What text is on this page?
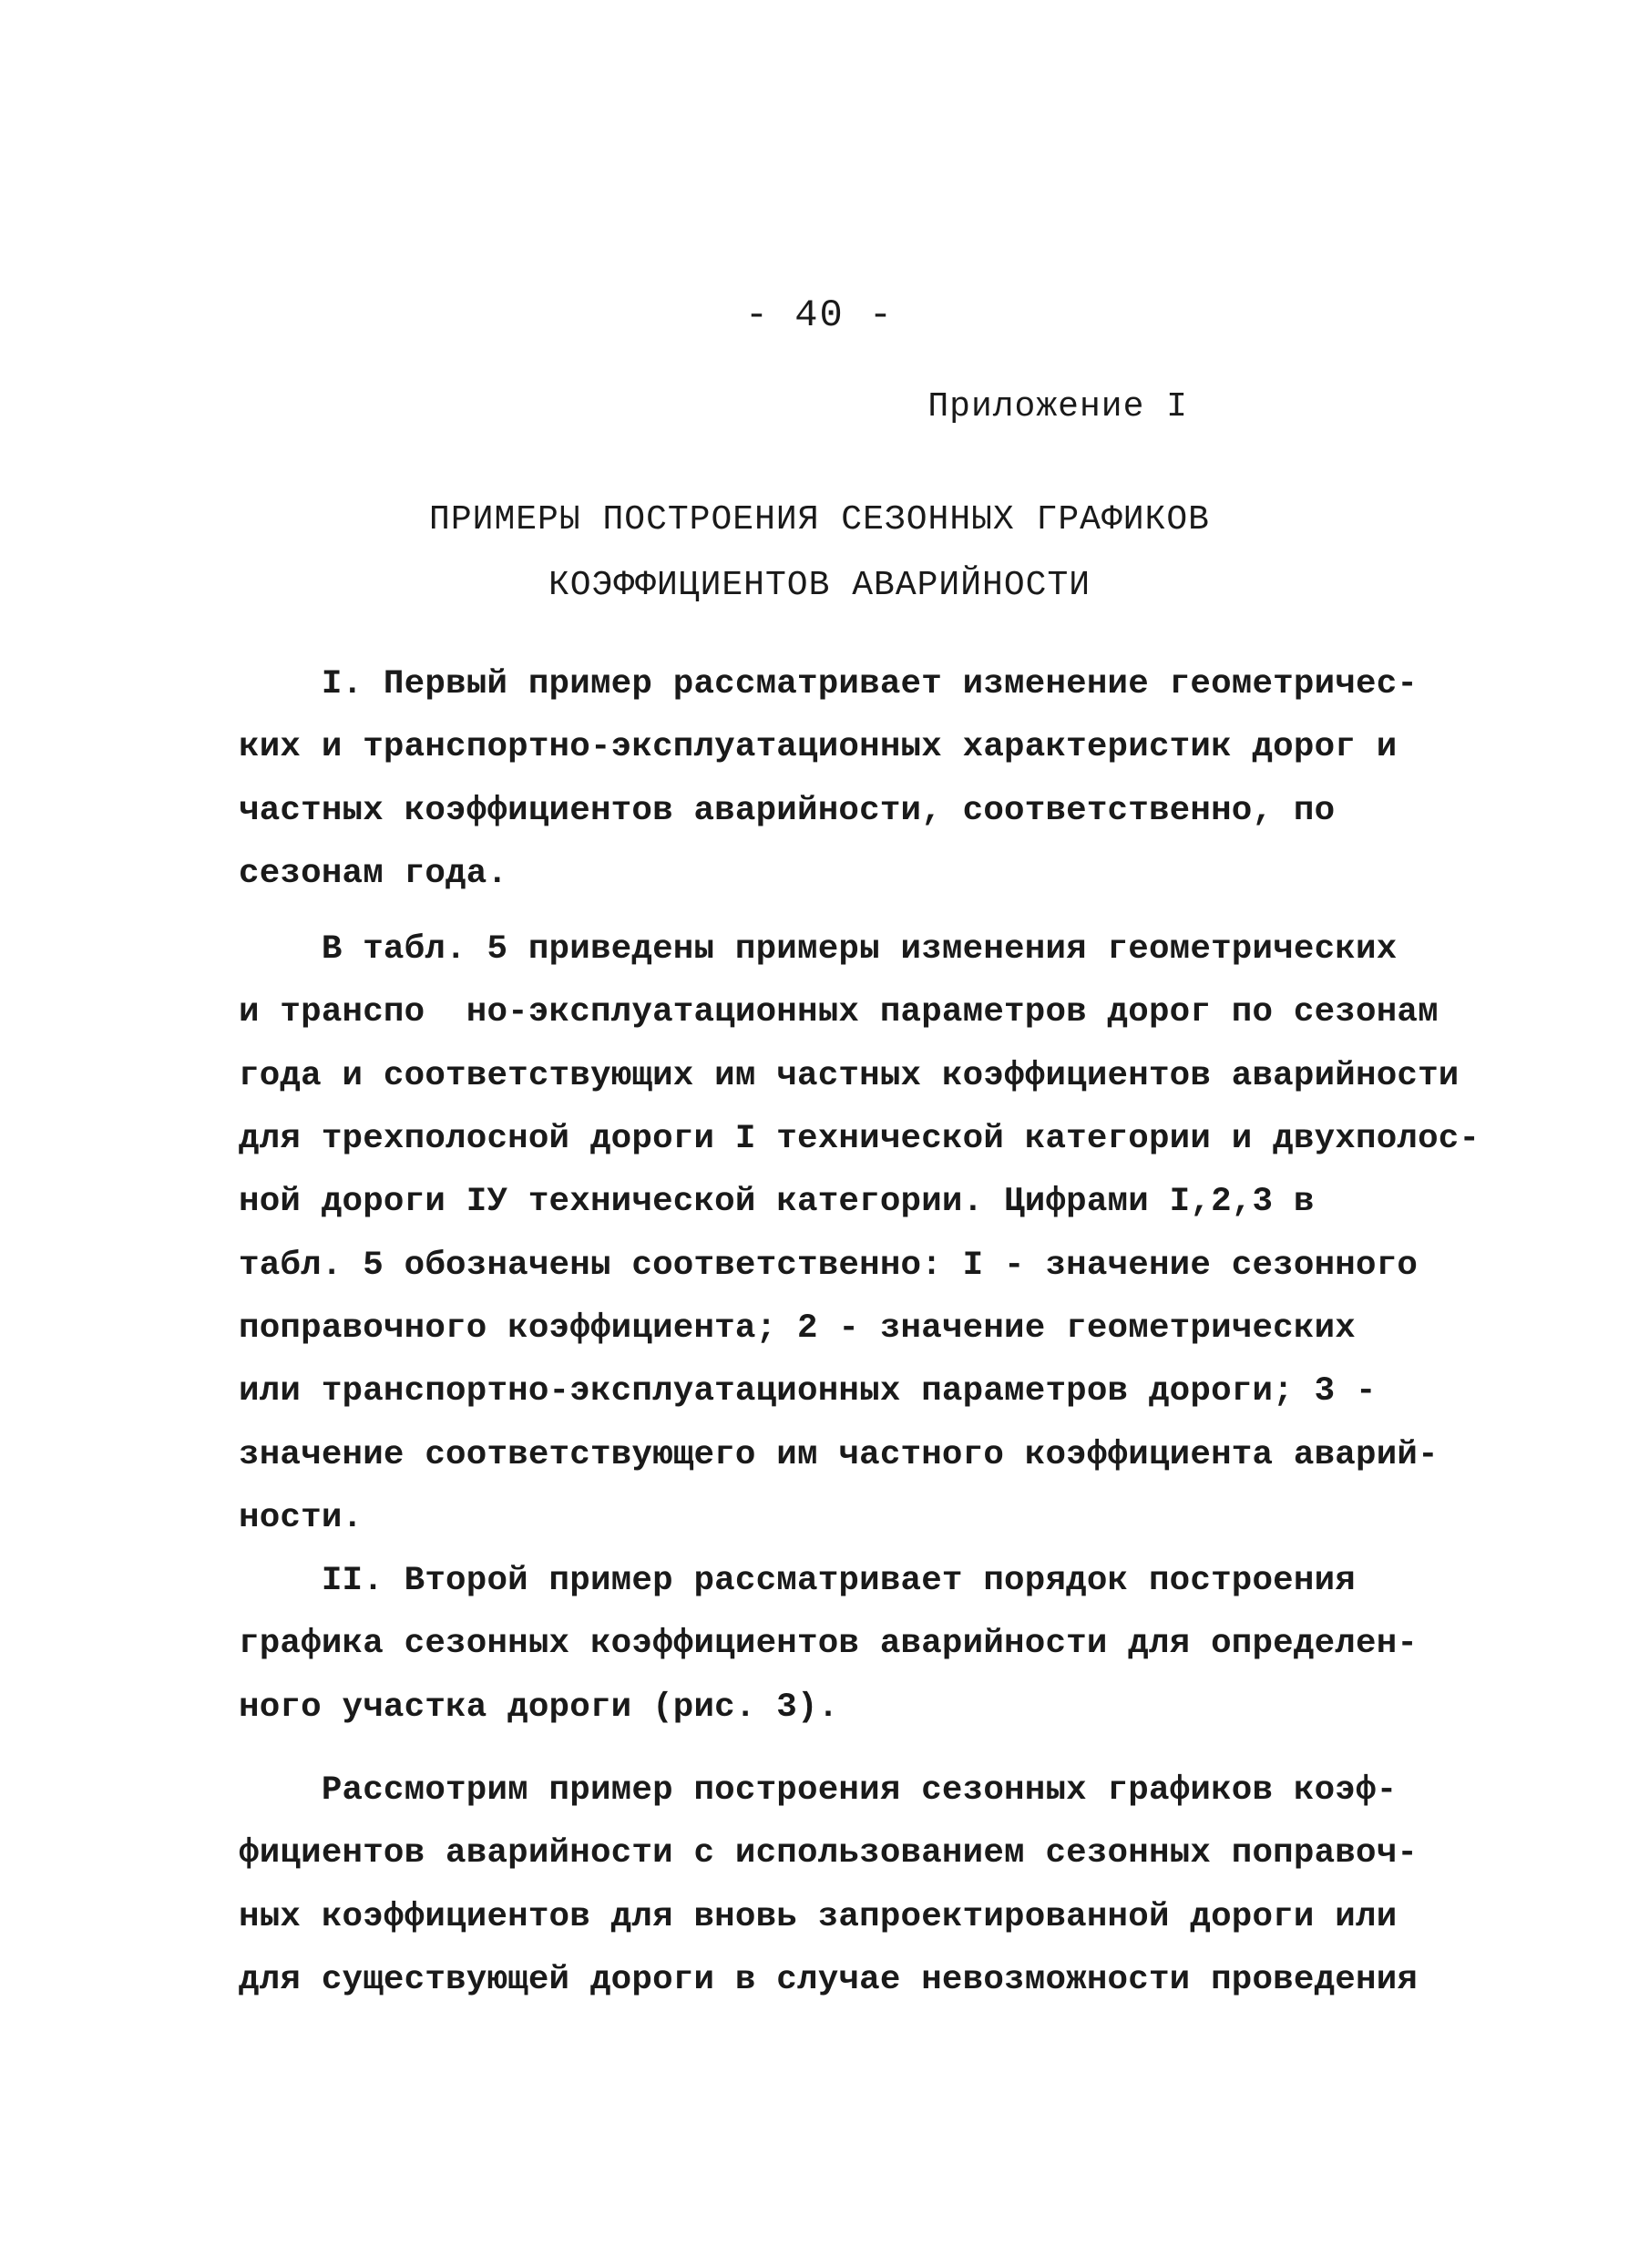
- 40 -
Приложение I
ПРИМЕРЫ ПОСТРОЕНИЯ СЕЗОННЫХ ГРАФИКОВ
КОЭФФИЦИЕНТОВ АВАРИЙНОСТИ
I. Первый пример рассматривает изменение геометричес-
ких и транспортно-эксплуатационных характеристик дорог и
частных коэффициентов аварийности, соответственно, по
сезонам года.
В табл. 5 приведены примеры изменения геометрических
и транспо  но-эксплуатационных параметров дорог по сезонам
года и соответствующих им частных коэффициентов аварийности
для трехполосной дороги I технической категории и двухполос-
ной дороги IУ технической категории. Цифрами I,2,3 в
табл. 5 обозначены соответственно: I - значение сезонного
поправочного коэффициента; 2 - значение геометрических
или транспортно-эксплуатационных параметров дороги; 3 -
значение соответствующего им частного коэффициента аварий-
ности.
II. Второй пример рассматривает порядок построения
графика сезонных коэффициентов аварийности для определен-
ного участка дороги (рис. 3).
Рассмотрим пример построения сезонных графиков коэф-
фициентов аварийности с использованием сезонных поправоч-
ных коэффициентов для вновь запроектированной дороги или
для существующей дороги в случае невозможности проведения
